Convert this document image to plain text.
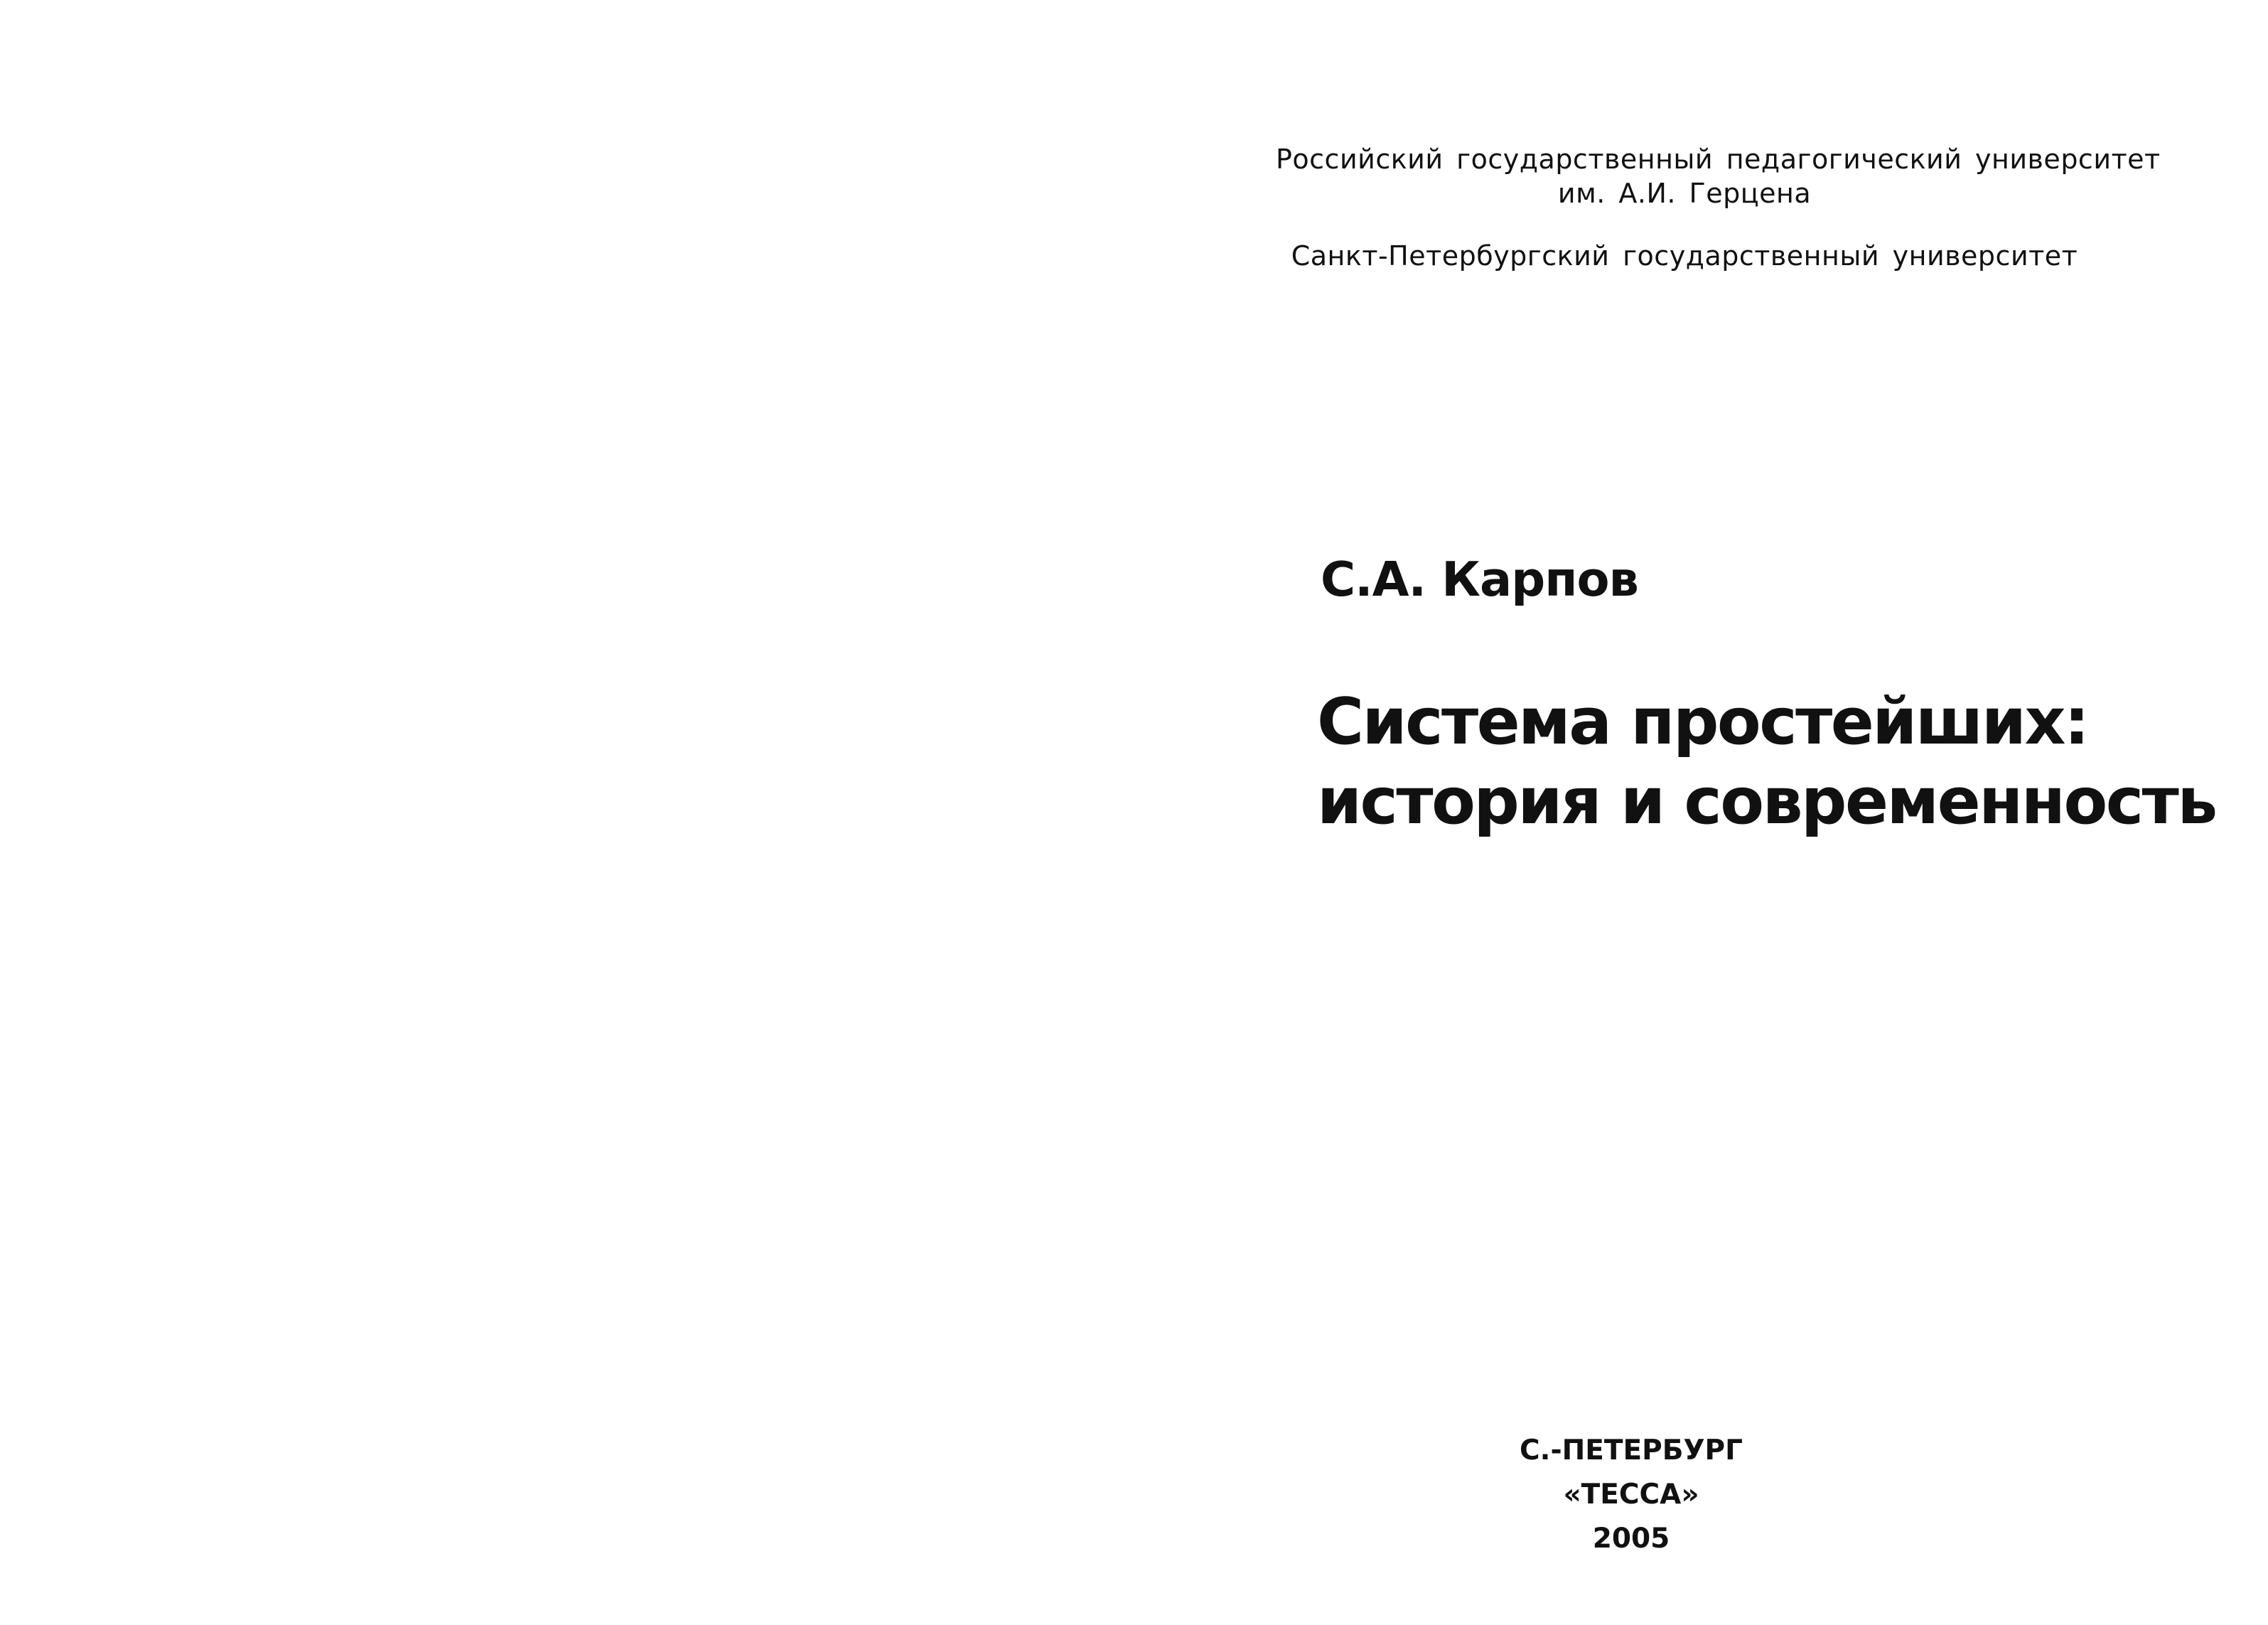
Российский государственный педагогический университет
им. А.И. Герцена
Санкт-Петербургский государственный университет
С.А. Карпов
Система простейших:
история и современность
С.-ПЕТЕРБУРГ
«ТЕССА»
2005
